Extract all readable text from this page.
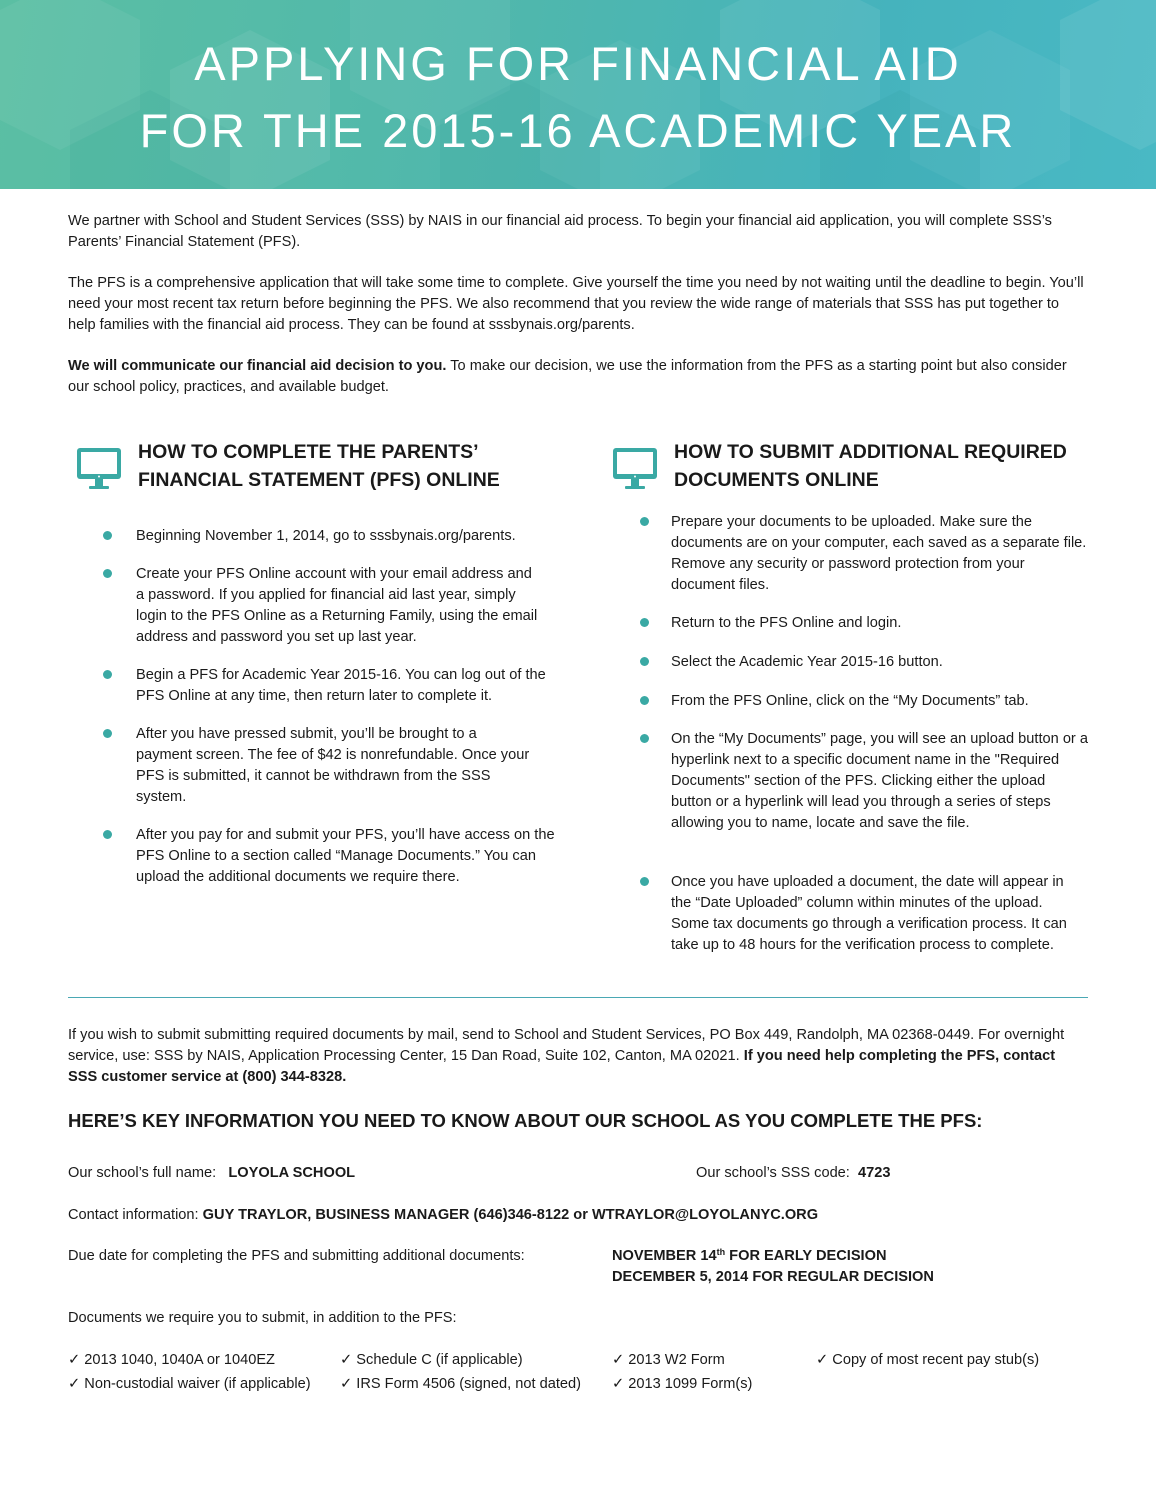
APPLYING FOR FINANCIAL AID
FOR THE 2015-16 ACADEMIC YEAR

We partner with School and Student Services (SSS) by NAIS in our financial aid process. To begin your financial aid application, you will complete SSS’s Parents’ Financial Statement (PFS).

The PFS is a comprehensive application that will take some time to complete. Give yourself the time you need by not waiting until the deadline to begin. You’ll need your most recent tax return before beginning the PFS. We also recommend that you review the wide range of materials that SSS has put together to help families with the financial aid process. They can be found at sssbynais.org/parents.

We will communicate our financial aid decision to you. To make our decision, we use the information from the PFS as a starting point but also consider our school policy, practices, and available budget.

HOW TO COMPLETE THE PARENTS’
FINANCIAL STATEMENT (PFS) ONLINE
Beginning November 1, 2014, go to sssbynais.org/parents.
Create your PFS Online account with your email address and a password. If you applied for financial aid last year, simply login to the PFS Online as a Returning Family, using the email address and password you set up last year.
Begin a PFS for Academic Year 2015-16. You can log out of the PFS Online at any time, then return later to complete it.
After you have pressed submit, you’ll be brought to a payment screen. The fee of $42 is nonrefundable. Once your PFS is submitted, it cannot be withdrawn from the SSS system.
After you pay for and submit your PFS, you’ll have access on the PFS Online to a section called “Manage Documents.” You can upload the additional documents we require there.
HOW TO SUBMIT ADDITIONAL REQUIRED
DOCUMENTS ONLINE
Prepare your documents to be uploaded. Make sure the documents are on your computer, each saved as a separate file. Remove any security or password protection from your document files.
Return to the PFS Online and login.
Select the Academic Year 2015-16 button.
From the PFS Online, click on the “My Documents” tab.
On the “My Documents” page, you will see an upload button or a hyperlink next to a specific document name in the "Required Documents" section of the PFS. Clicking either the upload button or a hyperlink will lead you through a series of steps allowing you to name, locate and save the file.
Once you have uploaded a document, the date will appear in the “Date Uploaded” column within minutes of the upload. Some tax documents go through a verification process. It can take up to 48 hours for the verification process to complete.

If you wish to submit submitting required documents by mail, send to School and Student Services, PO Box 449, Randolph, MA 02368-0449. For overnight service, use: SSS by NAIS, Application Processing Center, 15 Dan Road, Suite 102, Canton, MA 02021. If you need help completing the PFS, contact SSS customer service at (800) 344-8328.

HERE’S KEY INFORMATION YOU NEED TO KNOW ABOUT OUR SCHOOL AS YOU COMPLETE THE PFS:
Our school’s full name: LOYOLA SCHOOL	Our school’s SSS code: 4723
Contact information: GUY TRAYLOR, BUSINESS MANAGER (646)346-8122 or WTRAYLOR@LOYOLANYC.ORG
Due date for completing the PFS and submitting additional documents:	NOVEMBER 14th FOR EARLY DECISION
DECEMBER 5, 2014 FOR REGULAR DECISION
Documents we require you to submit, in addition to the PFS:
✓ 2013 1040, 1040A or 1040EZ	✓ Schedule C (if applicable)	✓ 2013 W2 Form	✓ Copy of most recent pay stub(s)
✓ Non-custodial waiver (if applicable) ✓ IRS Form 4506 (signed, not dated) ✓ 2013 1099 Form(s)
